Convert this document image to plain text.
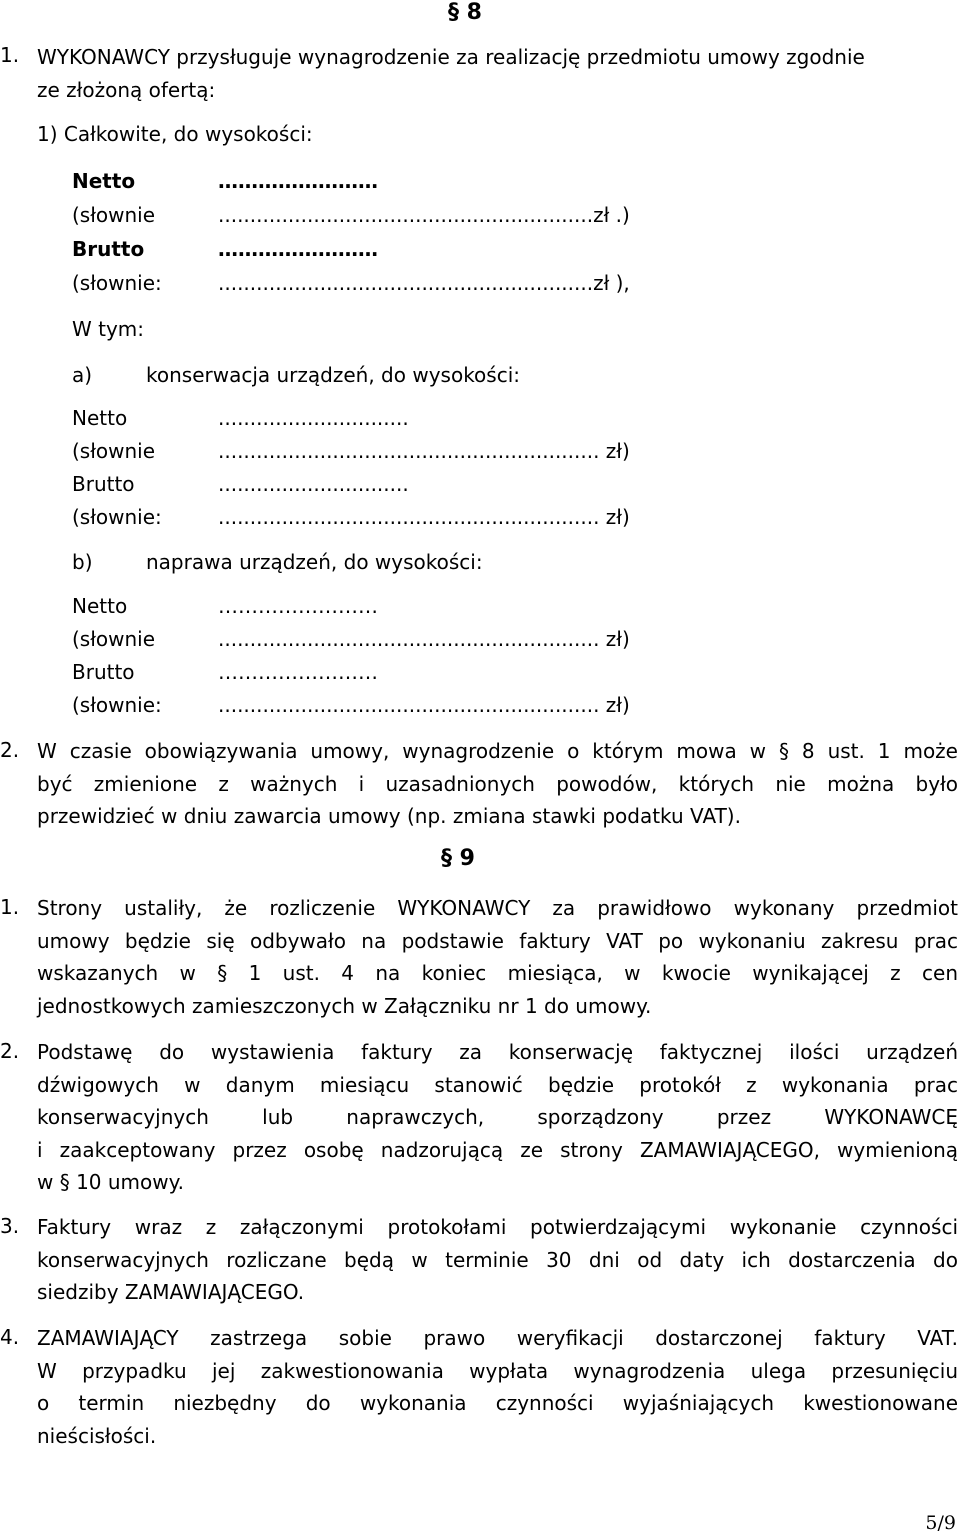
§ 8
1. WYKONAWCY przysługuje wynagrodzenie za realizację przedmiotu umowy zgodnie
ze złożoną ofertą:
1) Całkowite, do wysokości:
Netto	……………………
(słownie	...........................................................zł .)
Brutto	……………………
(słownie:	...........................................................zł ),
W tym:
a)	konserwacja urządzeń, do wysokości:
Netto	..............................
(słownie	............................................................ zł)
Brutto	..............................
(słownie:	............................................................ zł)
b)	naprawa urządzeń, do wysokości:
Netto	……………………
(słownie	............................................................ zł)
Brutto	……………………
(słownie:	............................................................ zł)
2. W czasie obowiązywania umowy, wynagrodzenie o którym mowa w § 8 ust. 1 może
być zmienione z ważnych i uzasadnionych powodów, których nie można było
przewidzieć w dniu zawarcia umowy (np. zmiana stawki podatku VAT).
§ 9
1. Strony ustaliły, że rozliczenie WYKONAWCY za prawidłowo wykonany przedmiot
umowy będzie się odbywało na podstawie faktury VAT po wykonaniu zakresu prac
wskazanych w § 1 ust. 4 na koniec miesiąca, w kwocie wynikającej z cen
jednostkowych zamieszczonych w Załączniku nr 1 do umowy.
2. Podstawę do wystawienia faktury za konserwację faktycznej ilości urządzeń
dźwigowych w danym miesiącu stanowić będzie protokół z wykonania prac
konserwacyjnych lub naprawczych, sporządzony przez WYKONAWCĘ
i zaakceptowany przez osobę nadzorującą ze strony ZAMAWIAJĄCEGO, wymienioną
w § 10 umowy.
3. Faktury wraz z załączonymi protokołami potwierdzającymi wykonanie czynności
konserwacyjnych rozliczane będą w terminie 30 dni od daty ich dostarczenia do
siedziby ZAMAWIAJĄCEGO.
4. ZAMAWIAJĄCY zastrzega sobie prawo weryfikacji dostarczonej faktury VAT.
W przypadku jej zakwestionowania wypłata wynagrodzenia ulega przesunięciu
o termin niezbędny do wykonania czynności wyjaśniających kwestionowane
nieścisłości.
5/9
